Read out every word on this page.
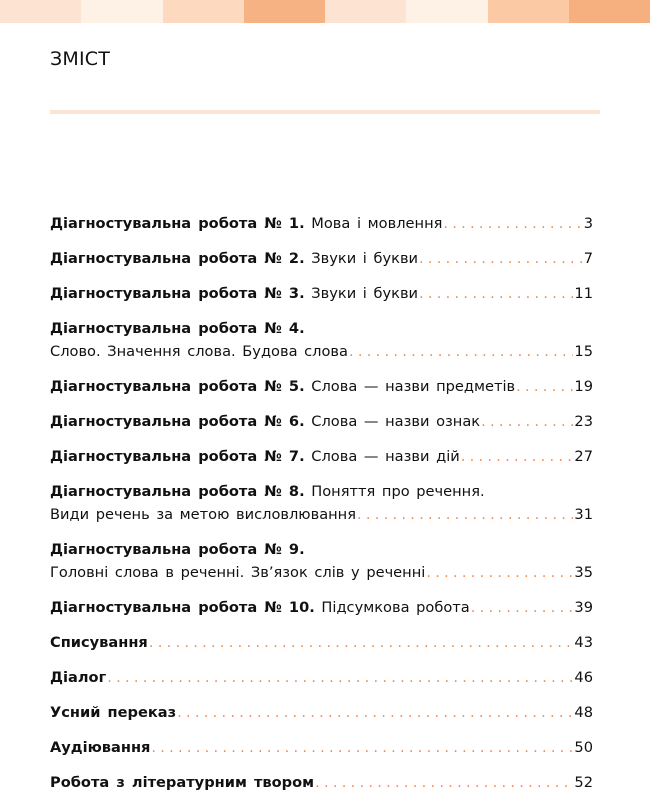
ЗМІСТ
Діагностувальна робота № 1. Мова і мовлення . . .	3
Діагностувальна робота № 2. Звуки і букви . . .	7
Діагностувальна робота № 3. Звуки і букви . . .	11
Діагностувальна робота № 4.
Слово. Значення слова. Будова слова . . .	15
Діагностувальна робота № 5. Слова — назви предметів . . .	19
Діагностувальна робота № 6. Слова — назви ознак . . .	23
Діагностувальна робота № 7. Слова — назви дій . . .	27
Діагностувальна робота № 8. Поняття про речення.
Види речень за метою висловлювання . . .	31
Діагностувальна робота № 9.
Головні слова в реченні. Зв’язок слів у реченні . . .	35
Діагностувальна робота № 10. Підсумкова робота . . .	39
Списування . . .	43
Діалог . . .	46
Усний переказ . . .	48
Аудіювання . . .	50
Робота з літературним твором . . .	52
